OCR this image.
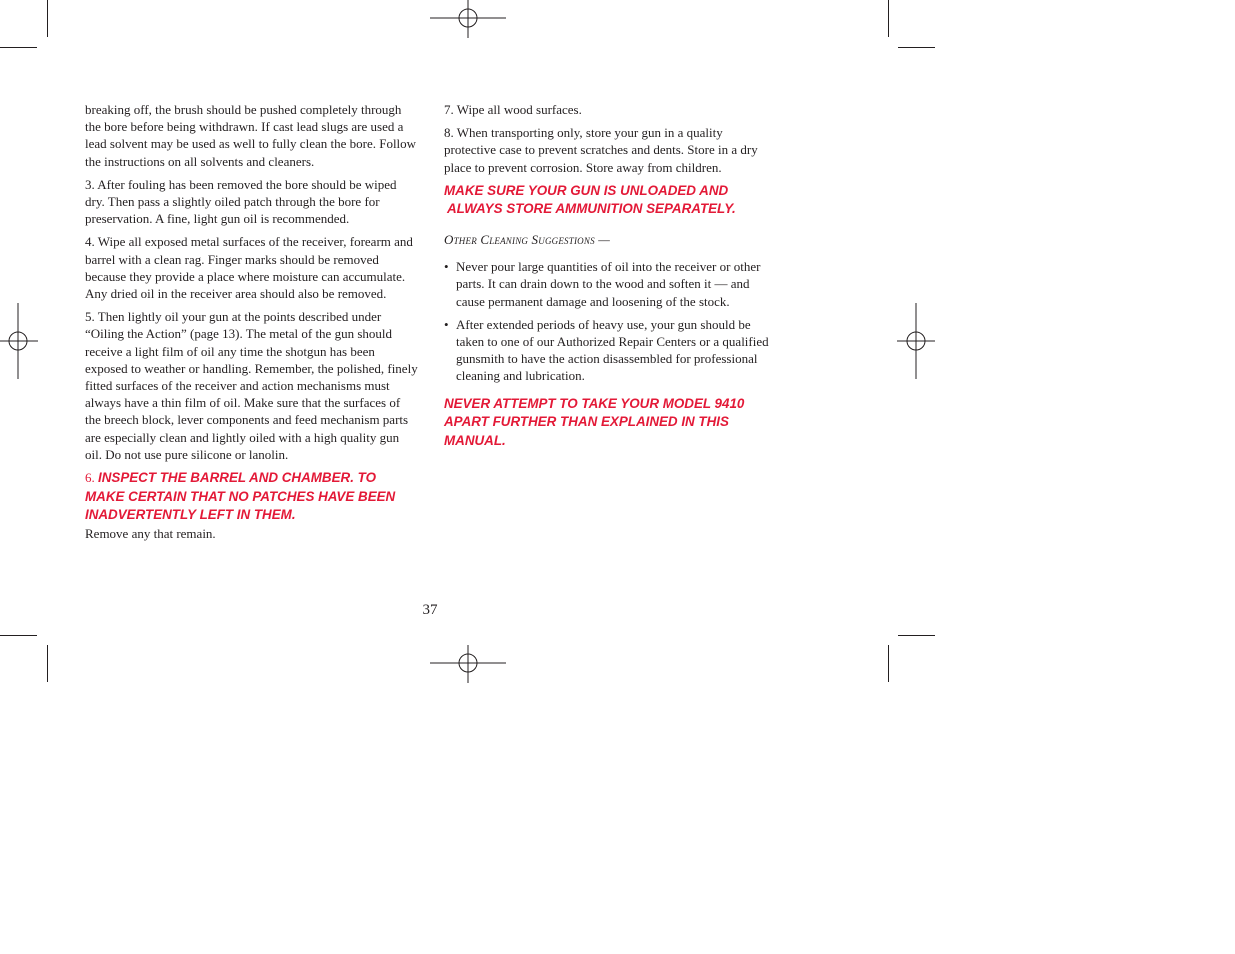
breaking off, the brush should be pushed completely through the bore before being withdrawn. If cast lead slugs are used a lead solvent may be used as well to fully clean the bore. Follow the instructions on all solvents and cleaners.

3. After fouling has been removed the bore should be wiped dry. Then pass a slightly oiled patch through the bore for preservation. A fine, light gun oil is recommended.

4. Wipe all exposed metal surfaces of the receiver, forearm and barrel with a clean rag. Finger marks should be removed because they provide a place where moisture can accumulate. Any dried oil in the receiver area should also be removed.

5. Then lightly oil your gun at the points described under “Oiling the Action” (page 13). The metal of the gun should receive a light film of oil any time the shotgun has been exposed to weather or handling. Remember, the polished, finely fitted surfaces of the receiver and action mechanisms must always have a thin film of oil. Make sure that the surfaces of the breech block, lever components and feed mechanism parts are especially clean and lightly oiled with a high quality gun oil. Do not use pure silicone or lanolin.

6. INSPECT THE BARREL AND CHAMBER. TO MAKE CERTAIN THAT NO PATCHES HAVE BEEN INADVERTENTLY LEFT IN THEM.

Remove any that remain.

7. Wipe all wood surfaces.

8. When transporting only, store your gun in a quality protective case to prevent scratches and dents. Store in a dry place to prevent corrosion. Store away from children.

MAKE SURE YOUR GUN IS UNLOADED AND ALWAYS STORE AMMUNITION SEPARATELY.
Other Cleaning Suggestions —
• Never pour large quantities of oil into the receiver or other parts. It can drain down to the wood and soften it — and cause permanent damage and loosening of the stock.
• After extended periods of heavy use, your gun should be taken to one of our Authorized Repair Centers or a qualified gunsmith to have the action disassembled for professional cleaning and lubrication.
NEVER ATTEMPT TO TAKE YOUR MODEL 9410 APART FURTHER THAN EXPLAINED IN THIS MANUAL.
37
